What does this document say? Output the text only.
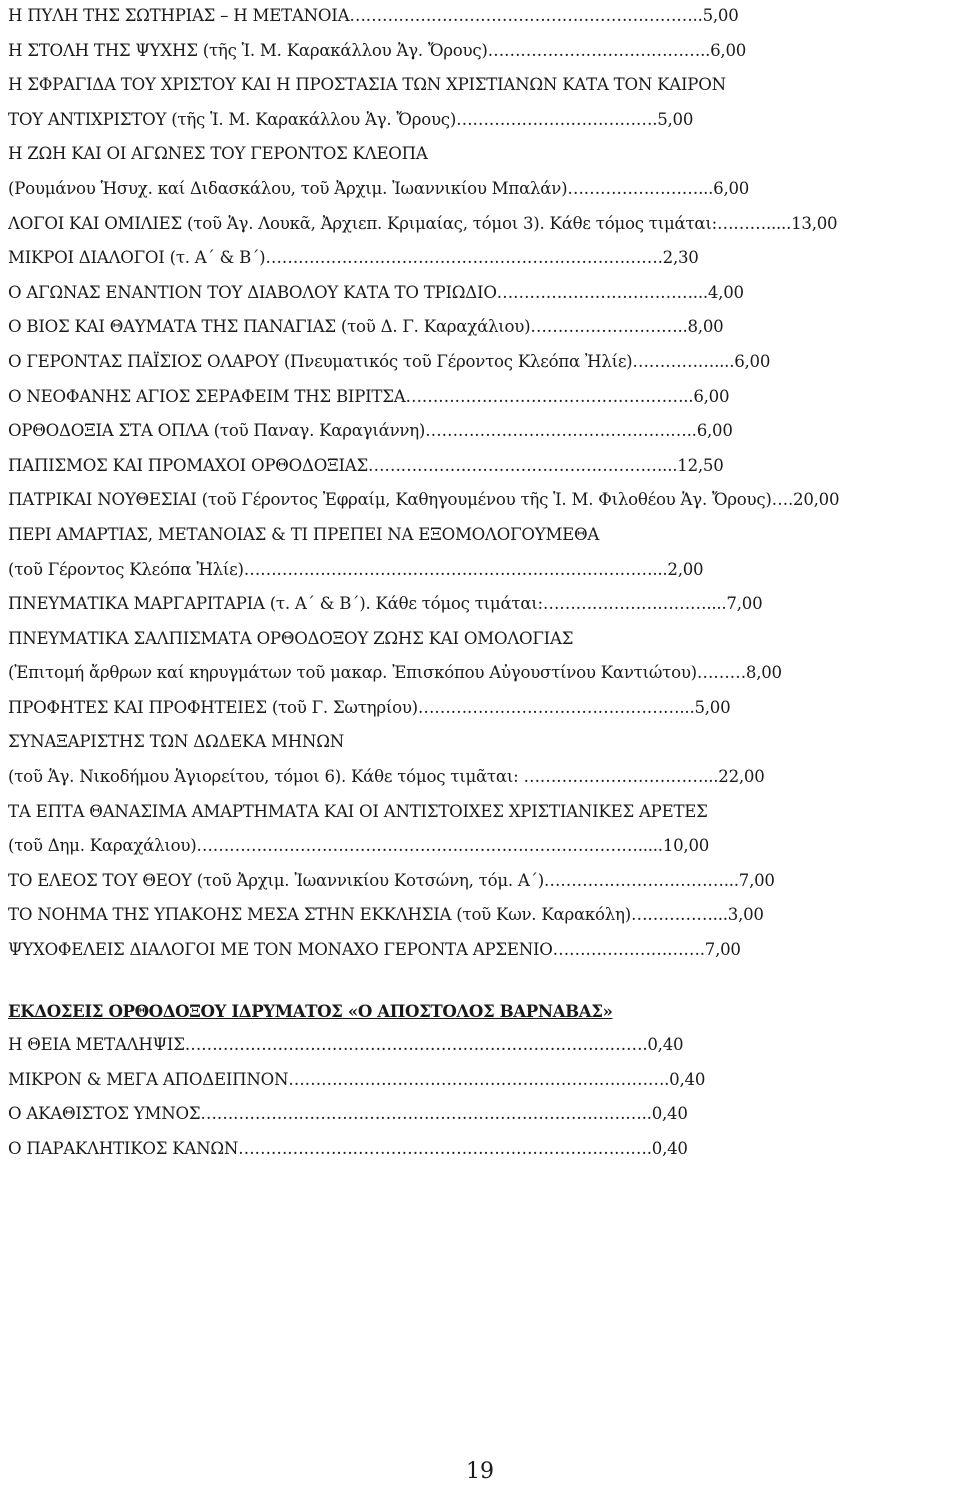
Η ΠΥΛΗ ΤΗΣ ΣΩΤΗΡΙΑΣ – Η ΜΕΤΑΝΟΙΑ………………………………………………………..5,00
Η ΣΤΟΛΗ ΤΗΣ ΨΥΧΗΣ (τῆς Ἱ. Μ. Καρακάλλου Ἁγ. Ὄρους)…………………………………..6,00
Η ΣΦΡΑΓΙΔΑ ΤΟΥ ΧΡΙΣΤΟΥ ΚΑΙ Η ΠΡΟΣΤΑΣΙΑ ΤΩΝ ΧΡΙΣΤΙΑΝΩΝ ΚΑΤΑ ΤΟΝ ΚΑΙΡΟΝ
ΤΟΥ ΑΝΤΙΧΡΙΣΤΟΥ (τῆς Ἱ. Μ. Καρακάλλου Ἁγ. Ὄρους)……………………………….5,00
Η ΖΩΗ ΚΑΙ ΟΙ ΑΓΩΝΕΣ ΤΟΥ ΓΕΡΟΝΤΟΣ ΚΛΕΟΠΑ
(Ρουμάνου Ἡσυχ. καί Διδασκάλου, τοῦ Ἀρχιμ. Ἰωαννικίου Μπαλάν)……………………...6,00
ΛΟΓΟΙ ΚΑΙ ΟΜΙΛΙΕΣ (τοῦ Ἁγ. Λουκᾶ, Ἀρχιεπ. Κριμαίας, τόμοι 3). Κάθε τόμος τιμάται:……….....13,00
ΜΙΚΡΟΙ ΔΙΑΛΟΓΟΙ (τ. Α΄ & Β΄)……………………………………………………………….2,30
Ο ΑΓΩΝΑΣ ΕΝΑΝΤΙΟΝ ΤΟΥ ΔΙΑΒΟΛΟΥ ΚΑΤΑ ΤΟ ΤΡΙΩΔΙΟ………………………………...4,00
Ο ΒΙΟΣ ΚΑΙ ΘΑΥΜΑΤΑ ΤΗΣ ΠΑΝΑΓΙΑΣ (τοῦ Δ. Γ. Καραχάλιου)………………………..8,00
Ο ΓΕΡΟΝΤΑΣ ΠΑΪΣΙΟΣ ΟΛΑΡΟΥ (Πνευματικός τοῦ Γέροντος Κλεόπα Ἠλίε)……………....6,00
Ο ΝΕΟΦΑΝΗΣ ΑΓΙΟΣ ΣΕΡΑΦΕΙΜ ΤΗΣ ΒΙΡΙΤΣΑ……………………………………………..6,00
ΟΡΘΟΔΟΞΙΑ ΣΤΑ ΟΠΛΑ (τοῦ Παναγ. Καραγιάννη)…………………………………………..6,00
ΠΑΠΙΣΜΟΣ ΚΑΙ ΠΡΟΜΑΧΟΙ ΟΡΘΟΔΟΞΙΑΣ………………………………………………...12,50
ΠΑΤΡΙΚΑΙ ΝΟΥΘΕΣΙΑΙ (τοῦ Γέροντος Ἐφραίμ, Καθηγουμένου τῆς Ἱ. Μ. Φιλοθέου Ἁγ. Ὄρους)….20,00
ΠΕΡΙ ΑΜΑΡΤΙΑΣ, ΜΕΤΑΝΟΙΑΣ & ΤΙ ΠΡΕΠΕΙ ΝΑ ΕΞΟΜΟΛΟΓΟΥΜΕΘΑ
(τοῦ Γέροντος Κλεόπα Ἠλίε)…………………………………………………………………...2,00
ΠΝΕΥΜΑΤΙΚΑ ΜΑΡΓΑΡΙΤΑΡΙΑ (τ. Α΄ & Β΄). Κάθε τόμος τιμάται:…………………………....7,00
ΠΝΕΥΜΑΤΙΚΑ ΣΑΛΠΙΣΜΑΤΑ ΟΡΘΟΔΟΞΟΥ ΖΩΗΣ ΚΑΙ ΟΜΟΛΟΓΙΑΣ
(Ἐπιτομή ἄρθρων καί κηρυγμάτων τοῦ μακαρ. Ἐπισκόπου Αὐγουστίνου Καντιώτου)………8,00
ΠΡΟΦΗΤΕΣ ΚΑΙ ΠΡΟΦΗΤΕΙΕΣ (τοῦ Γ. Σωτηρίου)…………………………………………...5,00
ΣΥΝΑΞΑΡΙΣΤΗΣ ΤΩΝ ΔΩΔΕΚΑ ΜΗΝΩΝ
(τοῦ Ἁγ. Νικοδήμου Ἁγιορείτου, τόμοι 6). Κάθε τόμος τιμᾶται: ……………………………...22,00
ΤΑ ΕΠΤΑ ΘΑΝΑΣΙΜΑ ΑΜΑΡΤΗΜΑΤΑ ΚΑΙ ΟΙ ΑΝΤΙΣΤΟΙΧΕΣ ΧΡΙΣΤΙΑΝΙΚΕΣ ΑΡΕΤΕΣ
(τοῦ Δημ. Καραχάλιου)……………………………………………………………………….....10,00
ΤΟ ΕΛΕΟΣ ΤΟΥ ΘΕΟΥ (τοῦ Ἀρχιμ. Ἰωαννικίου Κοτσώνη, τόμ. Α΄)……………………………...7,00
ΤΟ ΝΟΗΜΑ ΤΗΣ ΥΠΑΚΟΗΣ ΜΕΣΑ ΣΤΗΝ ΕΚΚΛΗΣΙΑ (τοῦ Κων. Καρακόλη)……………...3,00
ΨΥΧΟΦΕΛΕΙΣ ΔΙΑΛΟΓΟΙ ΜΕ ΤΟΝ ΜΟΝΑΧΟ ΓΕΡΟΝΤΑ ΑΡΣΕΝΙΟ……………………….7,00
ΕΚΔΟΣΕΙΣ ΟΡΘΟΔΟΞΟΥ ΙΔΡΥΜΑΤΟΣ «Ο ΑΠΟΣΤΟΛΟΣ ΒΑΡΝΑΒΑΣ»
Η ΘΕΙΑ ΜΕΤΑΛΗΨΙΣ………………………………………………………………………….0,40
ΜΙΚΡΟΝ & ΜΕΓΑ ΑΠΟΔΕΙΠΝΟΝ…………………………………………………………….0,40
Ο ΑΚΑΘΙΣΤΟΣ ΥΜΝΟΣ………………………………………………………………………..0,40
Ο ΠΑΡΑΚΛΗΤΙΚΟΣ ΚΑΝΩΝ………………………………………………………………….0,40
19
